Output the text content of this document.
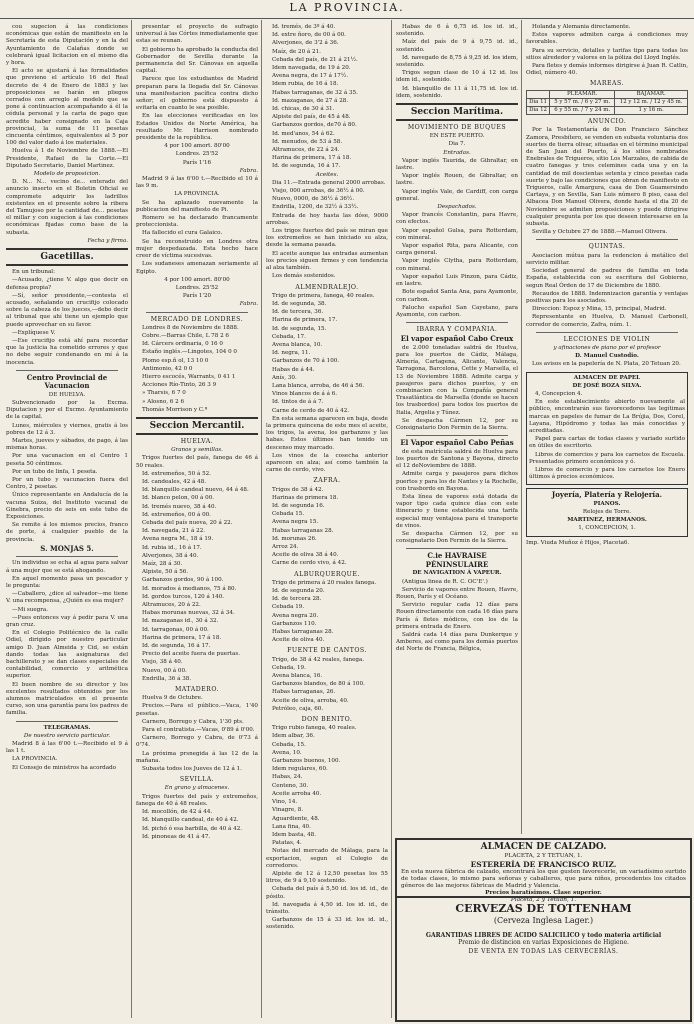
LA PROVINCIA.

cou sugecion á las condiciones económicas que están de manifiesto en la Secretaría de esta Diputación y en la del Ayuntamiento de Calañas donde se celebrará igual licitacion en el mismo dia y hora.

El acto se ajustará á las formalidades que previene el artículo 16 del Real decreto de 4 de Enero de 1883 y las proposiciones se harán en pliegos cerrados con arreglo al modelo que se pone á continuacion acompañando á él la cédula personal y la carta de pago que acredite haber consignado en la Caja provincial, la suma de 11 pesetas cincuenta céntimos, equivalentes al 5 por 100 del valor dado á los materiales.

Huelva á 1 de Noviembre de 1888.—El Presidente, Rafael de la Corte.—El Diputado Secretario, Daniel Martinez.

Modelo de proposicion.

D. N... N... vecino de... enterado del anuncio inserto en el Boletin Oficial se compromete adquirir los ladrillos existentes en el presente sobre la ribera del Tamujoso por la cantidad de... pesetas el millar y con sugecion á las condiciones económicas fijadas como base de la subasta.

Fecha y firma.

Gacetillas.

En un tribunal:

—Acusado, ¿tiene V. algo que decir en defensa propia?

—Sí, señor presidente,—contesta el acusado, señalando un crucifijo colocado sobre la cabeza de los jueces,—debo decir al tribunal que ahí tiene un ejemplo que puede aprovechar en su favor.

—Explíquese V.

—Ese crucifijo está ahí para recordar que la justicia ha cometido errores y que no debe seguir condenando en mí á la inocencia.

Centro Provincial de Vacunacion

DE HUELVA.

Subvencionado por la Excma. Diputacion y por el Excmo. Ayuntamiento de la capital.

Lunes, miércoles y viernes, gratis á los pobres de 12 á 3.

Martes, jueves y sábados, de pago, á las mismas horas.

Por una vacunacion en el Centro 1 peseta 50 céntimos.

Por un tubo de linfa, 1 peseta.

Por un tubo y vacunacion fuera del Centro, 2 pesetas.

Único representante en Andalucía de la vacuna Suiza, del Instituto vacunal de Ginebra, precio de seis en este tubo de Exposiciones.

Se remite á los mismos precios, franco de porte, á cualquier pueblo de la provincia.

S. MONJAS 5.

Un individuo se echa al agua para salvar á una mujer que se está ahogando.

En aquel momento pasa un pescador y le pregunta:

—Caballero, ¿dice al salvador—me tiene V. una recompensa, ¿Quién es esa mujer?

—Mi suegra.

—Pues entonces vay á pedir para V. una gran cruz.

En el Colegio Politécnico de la calle Odiel, dirigido por nuestro particular amigo D. Juan Almeida y Cid, se están dando todas las asignaturas del bachillerato y se dan clases especiales de contabilidad, comercio y aritmética superior.

El buen nombre de su director y los excelentes resultados obtenidos por los alumnos matriculados en el presente curso, son una garantía para los padres de familia.

TELEGRAMAS.

De nuestro servicio particular.

Madrid 8 á las 6'00 t.—Recibido el 9 á las 1 t.

LA PROVINCIA.

El Consejo de ministros ha acordado

presentar el proyecto de sufragio universal á las Córtes inmediatamente que estas se reunan.

El gobierno ha aprobado la conducta del Gobernador de Sevilla durante la permanencia del Sr. Cánovas en aquella capital.

Parece que los estudiantes de Madrid preparan para la llegada del Sr. Cánovas una manifestacion pacífica contra dicho señor; el gobierno está dispuesto á evitarla en cuanto le sea posible.

En las elecciones verificadas en los Estados Unidos de Norte América, ha resultado Mr. Harrison nombrado presidente de la república.

4 por 100 amort. 80'00

Londres. 25'52

París 1'16

Fabra.

Madrid 9 á las 6'00 t.—Recibido el 10 á las 9 m.

LA PROVINCIA.

Se ha aplazado nuevamente la publicacion del manifiesto de Pi.

Romero se ha declarado francamente proteccionista.

Ha fallecido el cura Galaico.

Se ha reconstruido en Londres otra mujer despedazada. Esta hecho hace creer de víctima sucesivas.

Los sudaneses amenazan seriamente al Egipto.

4 por 100 amort. 80'00

Londres. 25'52

París 1'20

Fabra.

MERCADO DE LONDRES.

Londres 8 de Noviembre de 1888.

Cobre.—Barras Chile, L 78 2 6

Id. Cárcers ordinaria, 0 16 0

Estaño inglés.—Lingotes, 104 0 0

Plomo esp.ñ ol, 13 10 0

Antimonio, 42 0 0

Hierro escocés, Warrants, 0 41 1

Acciones Río-Tinto, 26 3 9

» Tharsis, 6 7 0

» Alosno, 6 2 6

Thomás Morrison y C.ª

Seccion Mercantil.
HUELVA.

Granos y semillas.

Trigos fuertes del país, fanega de 46 á 50 reales.

Id. extremeños, 50 á 52.

Id. candeales, 42 á 48.

Id. blanquillo candeal nuevo, 44 á 48.

Id. blanco pelon, 00 á 00.

Id. tremés nuevo, 38 á 40.

Id. extremeños, 00 á 00.

Cebada del país nueva, 20 á 22.

Id. navegada, 21 á 22.

Avena negra M., 18 á 19.

Id. rubia id., 16 á 17.

Alverjones, 38 á 40.

Maíz, 28 á 30.

Alpiste, 50 á 56.

Garbanzos gordos, 90 á 100.

Id. morados á medianos, 75 á 80.

Id. gordos turcos, 120 á 140.

Altramuces, 20 á 22.

Habas morunas nuevas, 32 á 34.

Id. mazaganas id., 30 á 32.

Id. tarragonas, 00 á 00.

Harina de primera, 17 á 18.

Id. de segunda, 16 á 17.

Precio del aceite fuera de puertas.

Viejo, 38 á 40.

Nuevo, 00 á 00.

Endrilla, 36 á 38.

MATADERO.

Huelva 9 de Octubre.

Precios.—Para el público.—Vaca, 1'40 pesetas.

Carnero, Borrego y Cabra, 1'30 pts.

Para el contratista.—Vacas, 0'89 á 0'00.

Carnero, Borrego y Cabra, de 0'73 á 0'74.

La próxima prsnegida á las 12 de la mañana.

Subasta todos los Jueves de 12 á 1.

SEVILLA.

En grano y almacenes.

Trigos fuertes del país y extremeños, fanega de 40 á 48 reales.

Id. mocollón, de 42 á 44.

Id. blanquillo candeal, de 40 á 42.

Id. pichó ó esa barbilla, de 40 á 42.

Id. pinoneas de 41 á 47.

Id. tremés, de 3º á 40.

Id. extre ñoro, de 00 á 00.

Alverjones, de 3'2 á 36.

Maíz, de 20 á 21.

Cebada del país, de 21 á 21½.

Idem navegada, de 19 á 20.

Avena negra, de 17 á 17½.

Idem rubia, de 16 á 18.

Habas tarraganas, de 32 á 35.

Id. mazaganas, de 27 á 28.

Id. chicas, de 30 á 31.

Alpiste del país, de 45 á 48.

Garbanzos gordos, de70 á 80.

Id. med'anos, 54 á 62.

Id. menudos, de 53 á 58.

Altramuces, de 22 á 24.

Harina de primera, 17 á 18.

Id. de segunda, 16 á 17.

Aceites.

Dia 11.—Entrada general 2000 arrobas.

Viejo, 000 arrobas, de 36½ á 00.

Nuevo, 0000, de 36½ á 36½.

Endrilla, 1200, de 32½ á 33½.

Entrada de hoy hasta las dóse, 9000 arrobas.

Los trigos fuertes del país se miran que los extremeños se han iniciado su alza, desde la semana pasada.

El aceite aunque las entradas aumentan los precios siguen firmes y con tendencia al alza también.

Los demás sostenidos.

ALMENDRALEJO.

Trigo de primera, fanega, 40 reales.

Id. de segunda, 38.

Id. de tercera, 36.

Harina de primera, 17.

Id. de segunda, 15.

Cebada, 17.

Avena blanca, 10.

Id. negra, 11.

Garbanzos de 70 á 100.

Habas de á 44.

Anís, 30.

Lana blanca, arroba, de 46 á 56.

Vinos blancos de á á 6.

Id. tintos de á á 7.

Carne de cerdo de 40 á 42.

En esta semana aparecen en baja, desde la primera quincena de este mes el aceite, los trigos, la avena, los garbanzos y las habas. Estos últimos han tenido un descenso muy marcado.

Los vinos de la cosecha anterior aparecen en alza; así como también la carne de cerdo, vivo.

ZAFRA.

Trigos de 38 á 42.

Harinas de primera 18.

Id. de segunda 16.

Cebada 15.

Avena negra 15.

Habas tarraganas 28.

Id. morunas 26.

Arroz 24.

Aceite de oliva 38 á 40.

Carne de cerdo vivo, á 42.

ALBURQUERQUE.

Trigo de primera á 20 reales fanega.

Id. de segunda 20.

Id. de tercera 28.

Cebada 19.

Avena negra 20.

Garbanzos 110.

Habas tarraganas 28.

Aceite de oliva 40.

FUENTE DE CANTOS.

Trigo, de 38 á 42 reales, fanega.

Cebada, 19.

Avena blanca, 16.

Garbanzos blandos, de 80 á 100.

Habas tarraganas, 26.

Aceite de oliva, arroba, 40.

Petróleo, caja, 60.

DON BENITO.

Trigo rubio fanega, 40 reales.

Idem albar, 36.

Cebada, 15.

Avena, 10.

Garbanzos buenos, 100.

Idem regulares, 60.

Habas, 24.

Centeno, 30.

Aceite arroba 40.

Vino, 14.

Vinagre, 8.

Aguardiente, 48.

Lana fina, 40.

Idem basta, 48.

Patatas, 4.

Notas del mercado de Málaga, para la exportacion, segun el Colegio de corredores.

Alpiste de 12 á 12,50 pesetas los 55 litros, de 9 á 9,10 sostenido.

Cebada del país á 5,50 id. los id. id., de pósito.

Id. navegada á 4,50 id. los id. id., de tránsito.

Garbanzos de 15 á 33 id. los id. id., sostenido.

Habas de 6 á 6,75 id. los id. id., sostenido.

Maíz del país de 9 á 9,75 id. id., sostenido.

Id. navegado de 8,75 á 9,25 id. los idem, sostenido.

Trigos segun clase de 10 á 12 id. los idem id., sostenido.

Id. blanquillo de 11 á 11,75 id. los id. idem, sostenido.

Seccion Marítima.
MOVIMIENTO DE BUQUES

EN ESTE PUERTO.

Dia 7.

Entradas.

Vapor inglés Taurida, de Gibraltar, en lastre.

Vapor inglés Rouen, de Gibraltar, en lastre.

Vapor inglés Vale, de Cardiff, con carga general.

Despachados.

Vapor francés Constantin, para Havre, con efectos.

Vapor español Gulsa, para Rotterdam, con mineral.

Vapor español Rita, para Alicante, con carga general.

Vapor inglés Clytha, para Rotterdam, con mineral.

Vapor español Luis Pinzon, para Cádiz, en lastre.

Bote español Santa Ana, para Ayamonte, con carbon.

Falucho español San Cayetano, para Ayamonte, con carbon.

IBARRA Y COMPAÑIA.

El vapor español Cabo Creux

de 2.000 toneladas saldrá de Huelva, para los puertos de Cádiz, Málaga, Almería, Cartagena, Alicante, Valencia, Tarragona, Barcelona, Cette y Marsella, el 13 de Noviembre 1888. Admite carga y pasajeros para dichos puertos, y en combinacion con la Compañía general Trasatlántica de Marsella (donde se hacen los trasbordos) para todos los puertos de Italia, Argelia y Túnez.

Se despacha Cármen 12, por su Consignatario Don Fermin de la Sierra.

El Vapor español Cabo Peñas

de esta matrícula saldrá de Huelva para los puertos de Santona y Bayona, directo el 12 deNoviembre de 1888.

Admite carga y pasajeros para dichos puertos y para los de Nantes y la Rochelle, con trasbordo en Bayona.

Esta línea de vapores está dotada de vapor tipo cada quince días con este itinerario y tiene establecida una tarifa especial muy ventajosa para el transporte de vinos.

Se despacha Cármen 12, por su consignatario Don Fermin de la Sierra.

C.ie HAVRAISE PÉNINSULAIRE

DE NAVIGATION Á VAPEUR.

(Antigua linea de R. C. OC'E'.)

Servicio de vapores entre Rouen, Havre, Rouen, París y el Océano.

Servicio regular cada 12 días para Rouen directamente con cada 16 días para París á fletes módicos, con los de la primera entrada de Enero.

Saldrá cada 14 días para Dunkerque y Amberes, así como para los demás puertos del Norte de Francia, Bélgica,

Holanda y Alemania directamente.

Estos vapores admiten carga á condiciones muy favorables.

Para su servicio, detalles y tarifas tipo para todas los sitios alrededor y valores en la póliza del Lloyd Inglés.

Para fletes y demás informes dirigirse á Juan R. Catlin, Odiel, número 40.

MAREAS.
	PLEAMAR.	BAJAMAR.
Día 11	5 y 57 m. / 6 y 27 m.	12 y 12 m. / 12 y 45 m.
Día 12	6 y 55 m. / 7 y 24 m.	1 y 16 m.
ANUNCIO.

Por la Testamentaría de Don Francisco Sánchez Zamora, Presbítero, se venden en subasta voluntaria dos suertes de tierra olivar, situadas en el término municipal de San Juan del Puerto, á los sitios nombrados Enebrales de Trigueros, sitio Los Marzales, de cabida de cuatro fanegas y tres celemines cada una y en la cantidad de mil doscientas setenta y cinco pesetas cada suerte y bajo las condiciones que obran de manifiesto en Trigueros, calle Amargura, casa de Don Guamersindo Cartaya, y en Sevilla, San Luis número 8 piso, casa del Albacea Don Manuel Olivera, donde hasta el dia 20 de Noviembre se admiten proposiciones y puede dirigirse cualquier pregunta por los que deseen interesarse en la subasta.

Sevilla y Octubre 27 de 1888.—Manuel Olivera.

QUINTAS.

Asociacion mútua para la redencion á metálico del servicio militar.

Sociedad general de padres de familia en toda España, establecida con su escritura del Gobierno, segun Real Órden de 17 de Diciembre de 1880.

Recaudos de 1888. Indemnizacion garantía y ventajas positivas para los asociados.

Direccion: Espoz y Mina, 15, principal, Madrid.

Representante en Huelva, D. Manuel Carbonell, corredor de comercio, Zafra, núm. 1.

LECCIONES DE VIOLIN

y afinaciones de piano por el profesor

D. Manuel Custodio.

Los avisos en la papelería de N. Plata, 20 Tetuan 20.

ALMACEN DE PAPEL

DE JOSÉ BOZA SILVA.

4, Concepcion 4.

En este establecimiento abierto nuevamente al público, encontrarán sus favorecedores las legítimas marcas en papeles de fumar de La Brújia, Dos, Corel, Layana, Hipódromo y todas las más conocidas y acreditadas.

Papel para cartas de todas clases y variado surtido en útiles de escritorio.

Libros de comercios y para los carnetos de Escuela. Presentados primero económicos y ó.

Libros de comercio y para los carnetos los Enero últimos á precios económicos.

Joyería, Platería y Relojería.

PIANOS.

Relojes de Torre.

MARTINEZ, HERMANOS.

1, CONCEPCION, 1.

Imp. Viuda Muñoz é Hijos, Placeta6.

ALMACEN DE CALZADO.
PLACETA, 2 Y TETUAN, 1.
ESTERERÍA DE FRANCISCO RUIZ.

En esta nueva fábrica de calzado, encontrará los que gusten favorecerle, un variadísimo surtido de todas clases, lo mismo para señoras y caballeros, que para niños, procedentes los citados géneros de las mejores fábricas de Madrid y Valencia.

Precios baratísimos. Clase superior.
Placeta, 2 y Tetuan, 1.
CERVEZAS DE TOTTENHAM
(Cerveza Inglesa Lager.)
GARANTIDAS LIBRES DE ACIDO SALICILICO y todo materia artificial
Premio de distincion en varias Exposiciones de Higiene.
DE VENTA EN TODAS LAS CERVECERÍAS.
